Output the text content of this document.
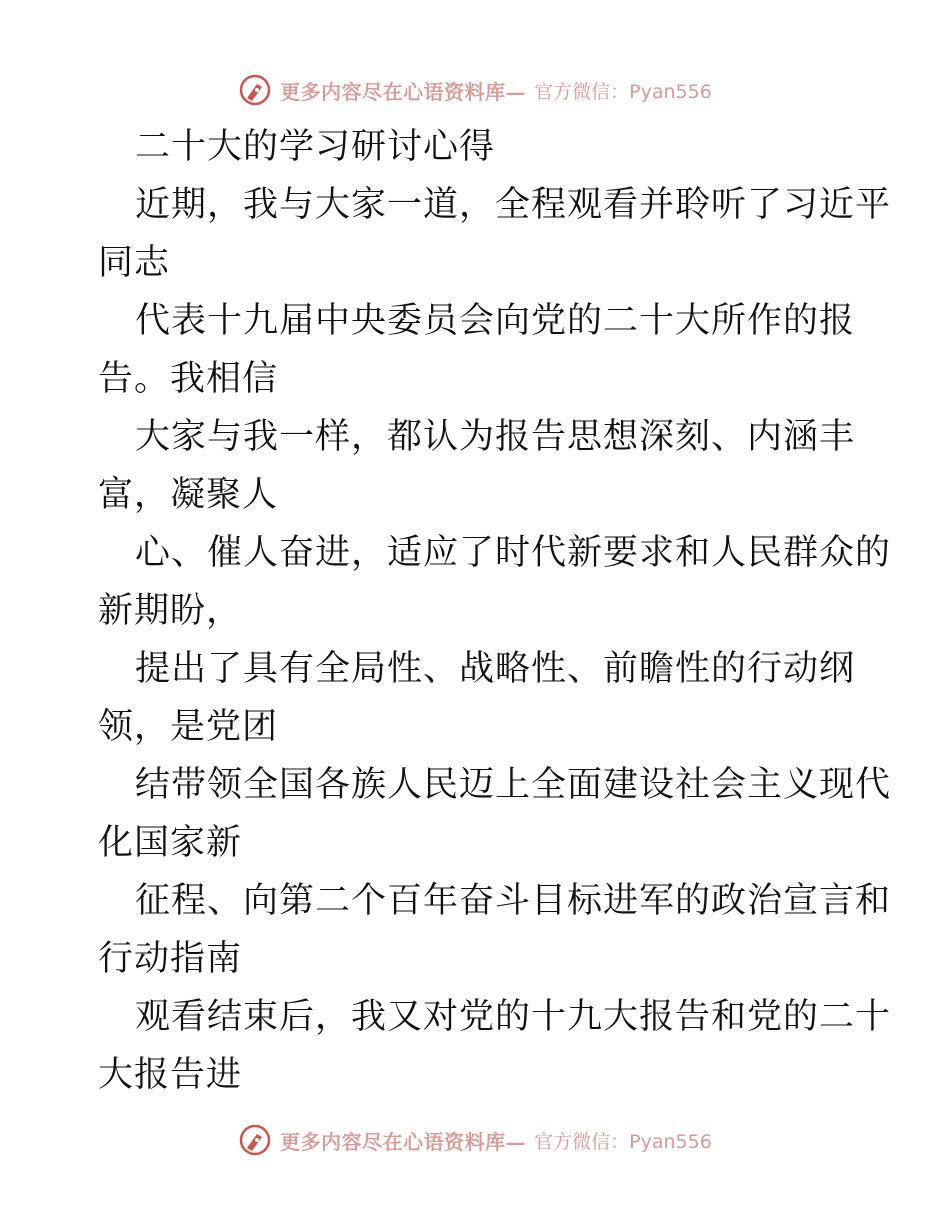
更多内容尽在心语资料库— 官方微信：Pyan556
二十大的学习研讨心得
近期，我与大家一道，全程观看并聆听了习近平
同志
代表十九届中央委员会向党的二十大所作的报
告。我相信
大家与我一样，都认为报告思想深刻、内涵丰
富，凝聚人
心、催人奋进，适应了时代新要求和人民群众的
新期盼，
提出了具有全局性、战略性、前瞻性的行动纲
领，是党团
结带领全国各族人民迈上全面建设社会主义现代
化国家新
征程、向第二个百年奋斗目标进军的政治宣言和
行动指南
观看结束后，我又对党的十九大报告和党的二十
大报告进
更多内容尽在心语资料库— 官方微信：Pyan556
